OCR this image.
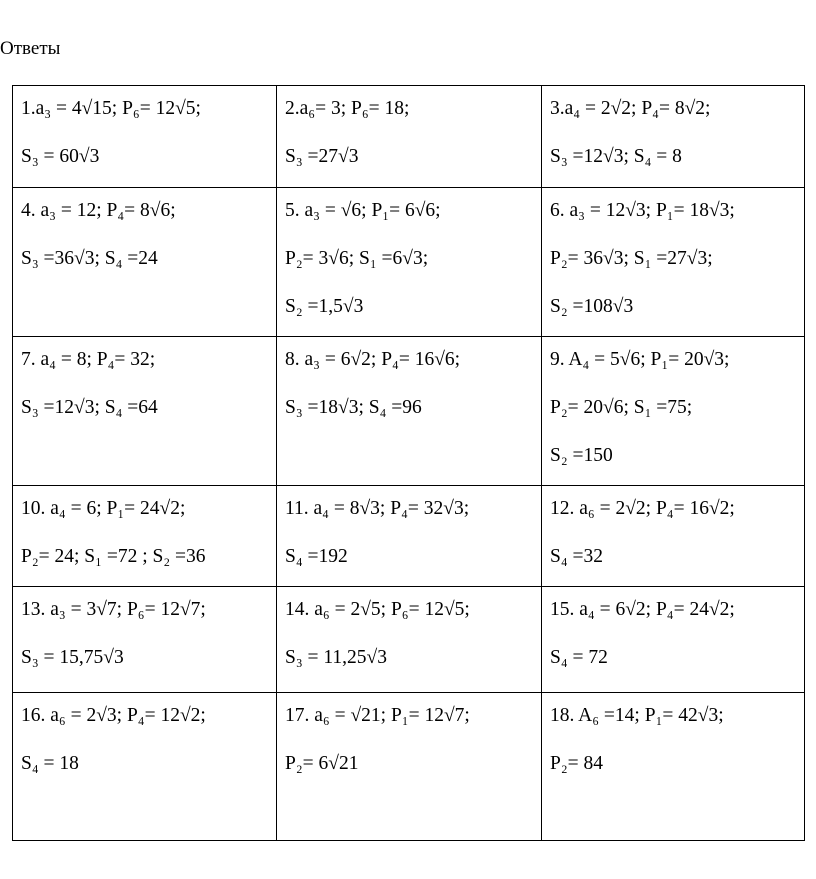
Ответы
1.a₃ = 4√15; P₆= 12√5;
S₃ = 60√3	2.a₆= 3; P₆= 18;
S₃ =27√3	3.a₄ = 2√2; P₄= 8√2;
S₃ =12√3; S₄ = 8

4. a₃ = 12; P₄= 8√6;
S₃ =36√3; S₄ =24	5. a₃ = √6; P₁= 6√6;
P₂= 3√6; S₁ =6√3;
S₂ =1,5√3	6. a₃ = 12√3; P₁= 18√3;
P₂= 36√3; S₁ =27√3;
S₂ =108√3

7. a₄ = 8; P₄= 32;
S₃ =12√3; S₄ =64	8. a₃ = 6√2; P₄= 16√6;
S₃ =18√3; S₄ =96	9. A₄ = 5√6; P₁= 20√3;
P₂= 20√6; S₁ =75;
S₂ =150

10. a₄ = 6; P₁= 24√2;
P₂= 24; S₁ =72 ; S₂ =36	11. a₄ = 8√3; P₄= 32√3;
S₄ =192	12. a₆ = 2√2; P₄= 16√2;
S₄ =32

13. a₃ = 3√7; P₆= 12√7;
S₃ = 15,75√3	14. a₆ = 2√5; P₆= 12√5;
S₃ = 11,25√3	15. a₄ = 6√2; P₄= 24√2;
S₄ = 72

16. a₆ = 2√3; P₄= 12√2;
S₄ = 18	17. a₆ = √21; P₁= 12√7;
P₂= 6√21	18. A₆ =14; P₁= 42√3;
P₂= 84
